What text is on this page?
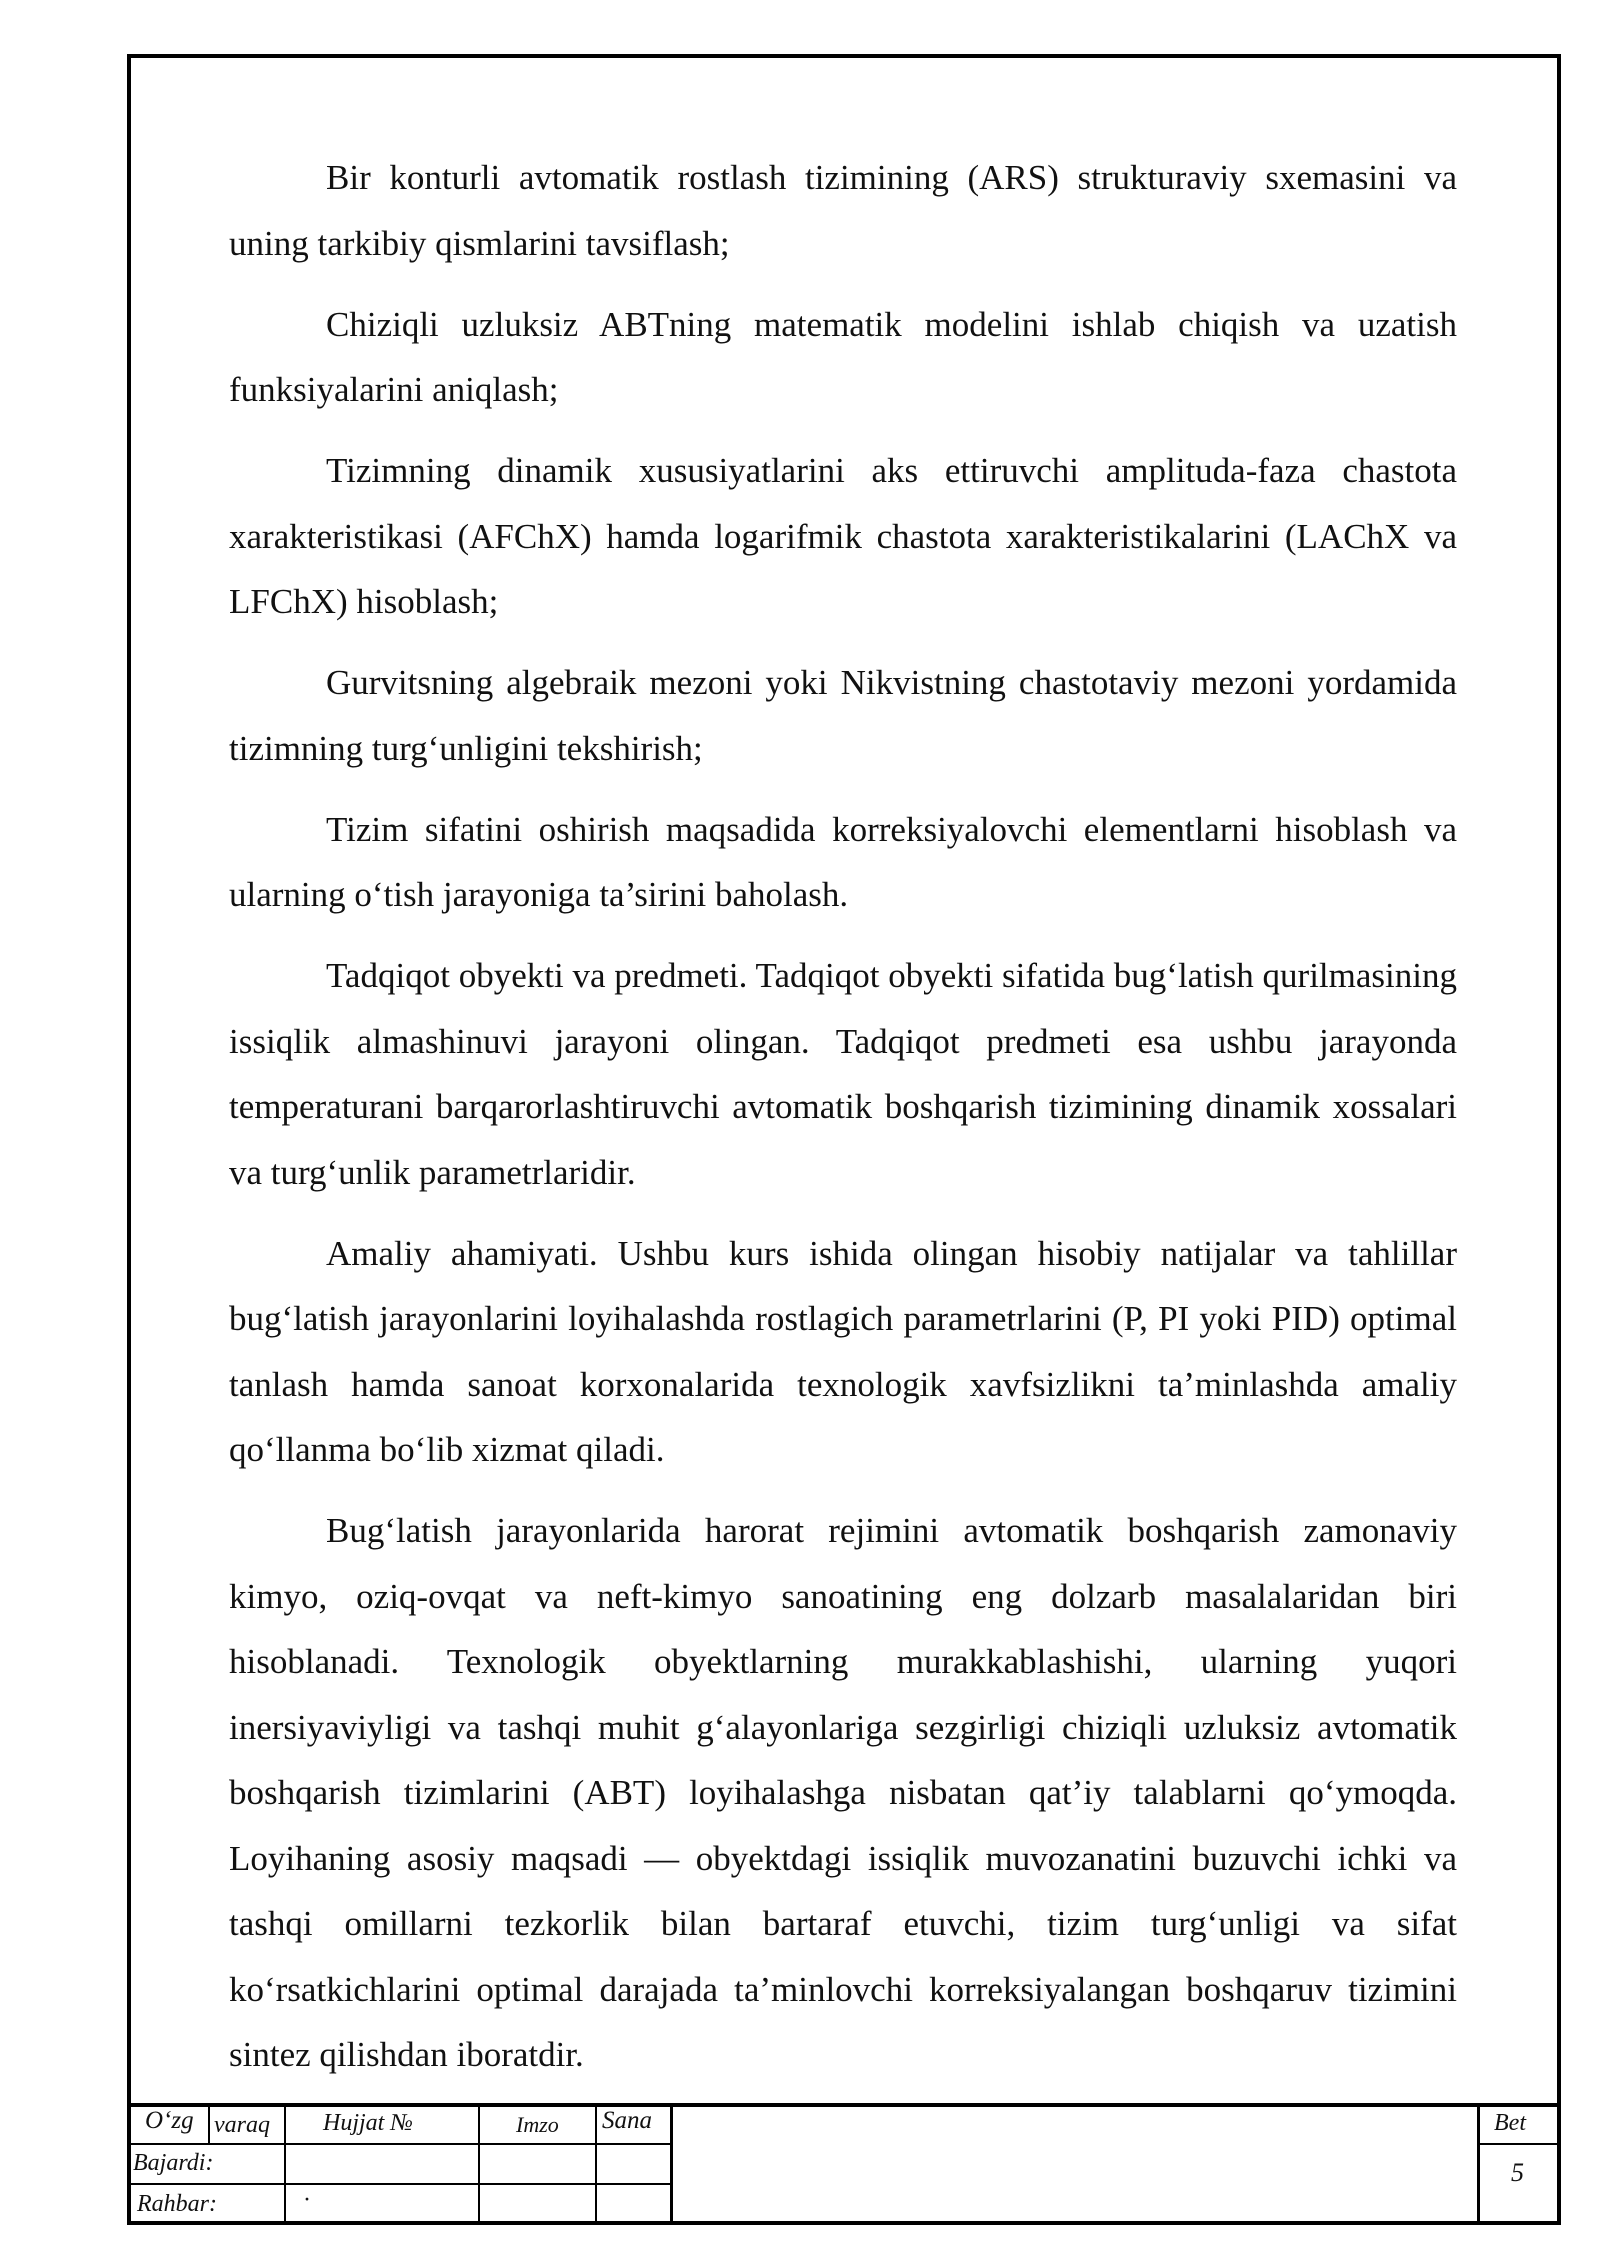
Bir konturli avtomatik rostlash tizimining (ARS) strukturaviy sxemasini va uning tarkibiy qismlarini tavsiflash;

Chiziqli uzluksiz ABTning matematik modelini ishlab chiqish va uzatish funksiyalarini aniqlash;

Tizimning dinamik xususiyatlarini aks ettiruvchi amplituda-faza chastota xarakteristikasi (AFChX) hamda logarifmik chastota xarakteristikalarini (LAChX va LFChX) hisoblash;

Gurvitsning algebraik mezoni yoki Nikvistning chastotaviy mezoni yordamida tizimning turg‘unligini tekshirish;

Tizim sifatini oshirish maqsadida korreksiyalovchi elementlarni hisoblash va ularning o‘tish jarayoniga ta’sirini baholash.

Tadqiqot obyekti va predmeti. Tadqiqot obyekti sifatida bug‘latish qurilmasining issiqlik almashinuvi jarayoni olingan. Tadqiqot predmeti esa ushbu jarayonda temperaturani barqarorlashtiruvchi avtomatik boshqarish tizimining dinamik xossalari va turg‘unlik parametrlaridir.

Amaliy ahamiyati. Ushbu kurs ishida olingan hisobiy natijalar va tahlillar bug‘latish jarayonlarini loyihalashda rostlagich parametrlarini (P, PI yoki PID) optimal tanlash hamda sanoat korxonalarida texnologik xavfsizlikni ta’minlashda amaliy qo‘llanma bo‘lib xizmat qiladi.

Bug‘latish jarayonlarida harorat rejimini avtomatik boshqarish zamonaviy kimyo, oziq-ovqat va neft-kimyo sanoatining eng dolzarb masalalaridan biri hisoblanadi. Texnologik obyektlarning murakkablashishi, ularning yuqori inersiyaviyligi va tashqi muhit g‘alayonlariga sezgirligi chiziqli uzluksiz avtomatik boshqarish tizimlarini (ABT) loyihalashga nisbatan qat’iy talablarni qo‘ymoqda. Loyihaning asosiy maqsadi — obyektdagi issiqlik muvozanatini buzuvchi ichki va tashqi omillarni tezkorlik bilan bartaraf etuvchi, tizim turg‘unligi va sifat ko‘rsatkichlarini optimal darajada ta’minlovchi korreksiyalangan boshqaruv tizimini sintez qilishdan iboratdir.

O‘zg varaq Hujjat №	Imzo Sana
Bajardi:
Rahbar:	·
Bet
5
